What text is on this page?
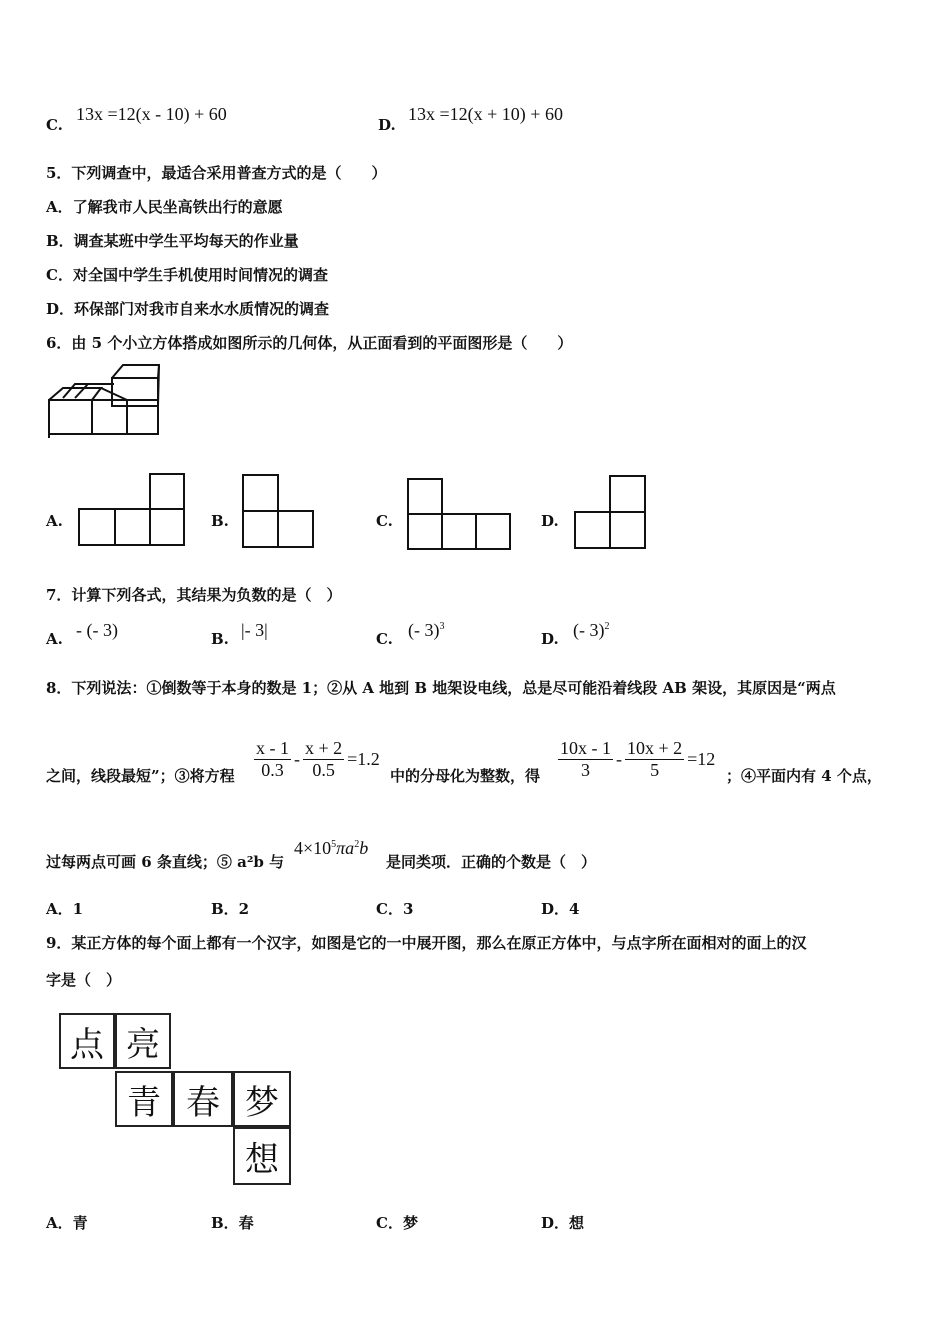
C.
13x =12(x - 10) + 60
D.
13x =12(x + 10) + 60
5．下列调查中，最适合采用普查方式的是（　　）
A．了解我市人民坐高铁出行的意愿
B．调查某班中学生平均每天的作业量
C．对全国中学生手机使用时间情况的调查
D．环保部门对我市自来水水质情况的调查
6．由 5 个小立方体搭成如图所示的几何体，从正面看到的平面图形是（　　）
A.	B.	C.	D.
7．计算下列各式，其结果为负数的是（　）
A. - (- 3)	B. |- 3|	C. (- 3)$^3$
D. (- 3)$^2$
8．下列说法：①倒数等于本身的数是 1；②从 A 地到 B 地架设电线，总是尽可能沿着线段 AB 架设，其原因是“两点
之间，线段最短”；③将方程 $\frac{x - 1}{0.3} - \frac{x + 2}{0.5} =1.2$
中的分母化为整数，得 $\frac{10x - 1}{3} - \frac{10x + 2}{5} =12$
；④平面内有 4 个点，
过每两点可画 6 条直线；⑤ a²b 与
$4\times 10^5\pi a^2b$
是同类项．正确的个数是（　）
A．1	B．2	C．3	D．4
9．某正方体的每个面上都有一个汉字，如图是它的一中展开图，那么在原正方体中，与点字所在面相对的面上的汉
字是（　）
点 亮
青 春 梦
想
A．青	B．春	C．梦	D．想
